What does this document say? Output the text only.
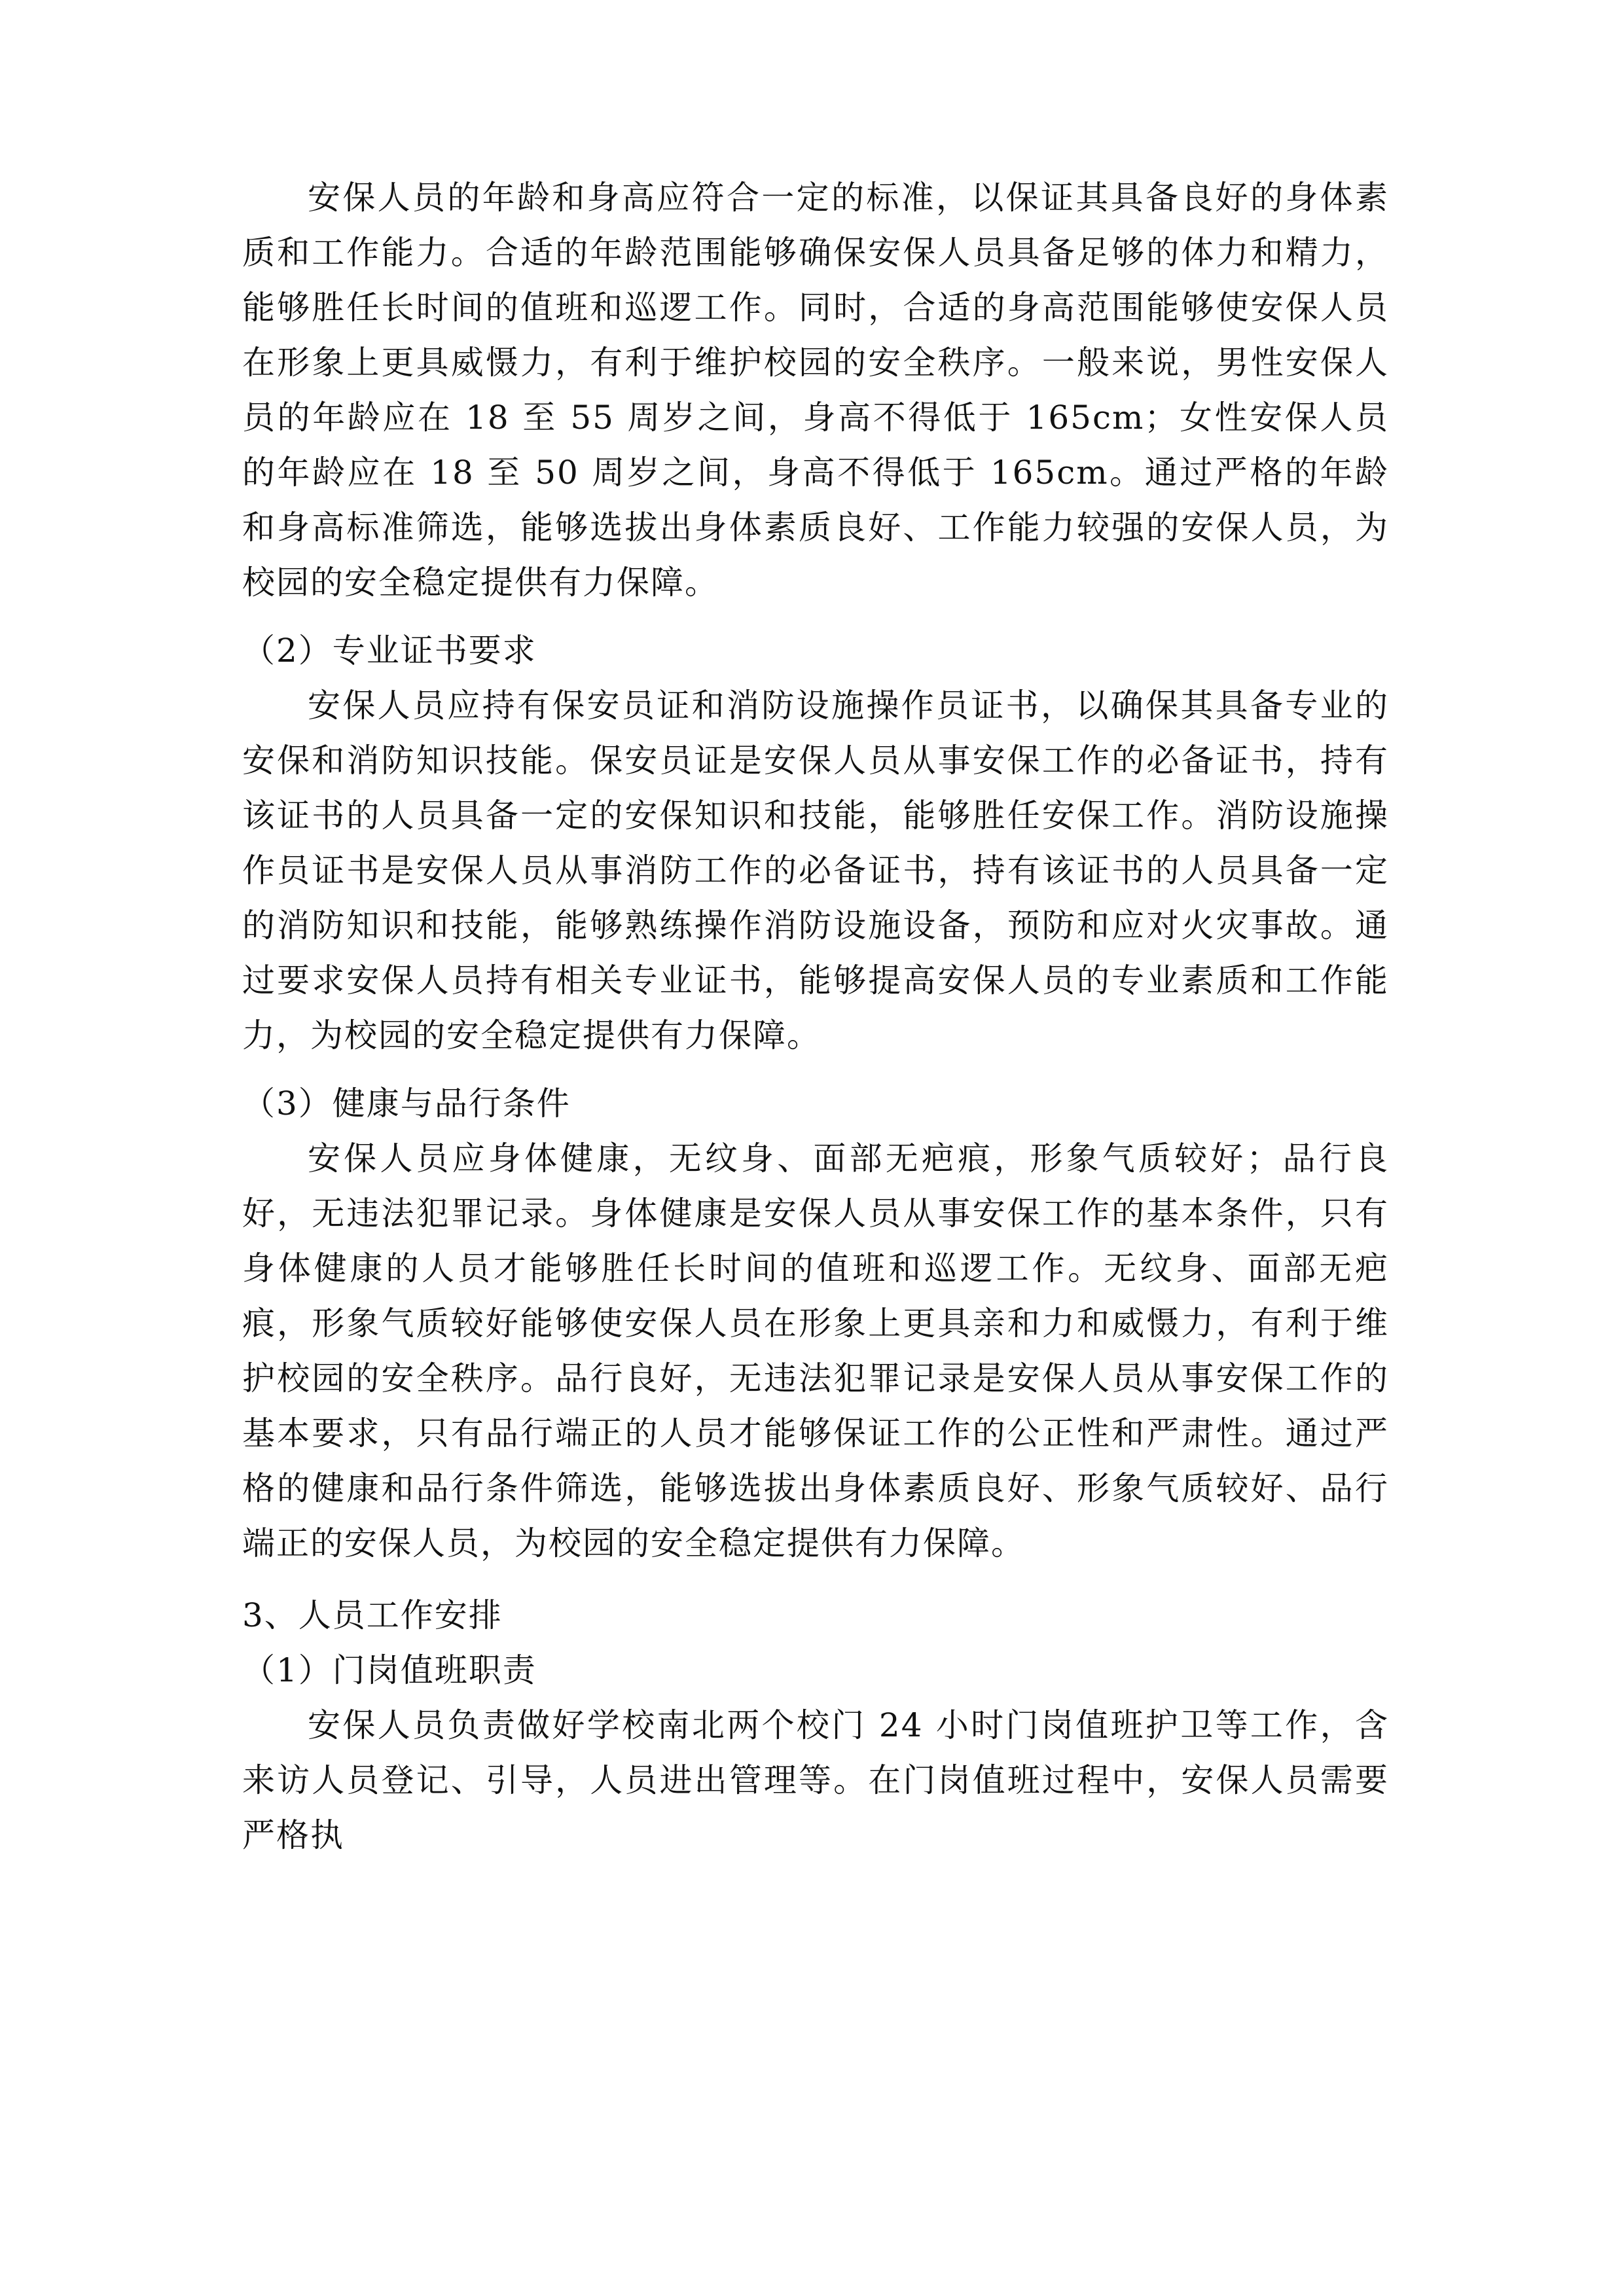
安保人员的年龄和身高应符合一定的标准，以保证其具备良好的身体素质和工作能力。合适的年龄范围能够确保安保人员具备足够的体力和精力，能够胜任长时间的值班和巡逻工作。同时，合适的身高范围能够使安保人员在形象上更具威慑力，有利于维护校园的安全秩序。一般来说，男性安保人员的年龄应在 18 至 55 周岁之间，身高不得低于 165cm；女性安保人员的年龄应在 18 至 50 周岁之间，身高不得低于 165cm。通过严格的年龄和身高标准筛选，能够选拔出身体素质良好、工作能力较强的安保人员，为校园的安全稳定提供有力保障。

（2）专业证书要求

安保人员应持有保安员证和消防设施操作员证书，以确保其具备专业的安保和消防知识技能。保安员证是安保人员从事安保工作的必备证书，持有该证书的人员具备一定的安保知识和技能，能够胜任安保工作。消防设施操作员证书是安保人员从事消防工作的必备证书，持有该证书的人员具备一定的消防知识和技能，能够熟练操作消防设施设备，预防和应对火灾事故。通过要求安保人员持有相关专业证书，能够提高安保人员的专业素质和工作能力，为校园的安全稳定提供有力保障。

（3）健康与品行条件

安保人员应身体健康，无纹身、面部无疤痕，形象气质较好；品行良好，无违法犯罪记录。身体健康是安保人员从事安保工作的基本条件，只有身体健康的人员才能够胜任长时间的值班和巡逻工作。无纹身、面部无疤痕，形象气质较好能够使安保人员在形象上更具亲和力和威慑力，有利于维护校园的安全秩序。品行良好，无违法犯罪记录是安保人员从事安保工作的基本要求，只有品行端正的人员才能够保证工作的公正性和严肃性。通过严格的健康和品行条件筛选，能够选拔出身体素质良好、形象气质较好、品行端正的安保人员，为校园的安全稳定提供有力保障。

3、人员工作安排

（1）门岗值班职责

安保人员负责做好学校南北两个校门 24 小时门岗值班护卫等工作，含来访人员登记、引导，人员进出管理等。在门岗值班过程中，安保人员需要严格执
